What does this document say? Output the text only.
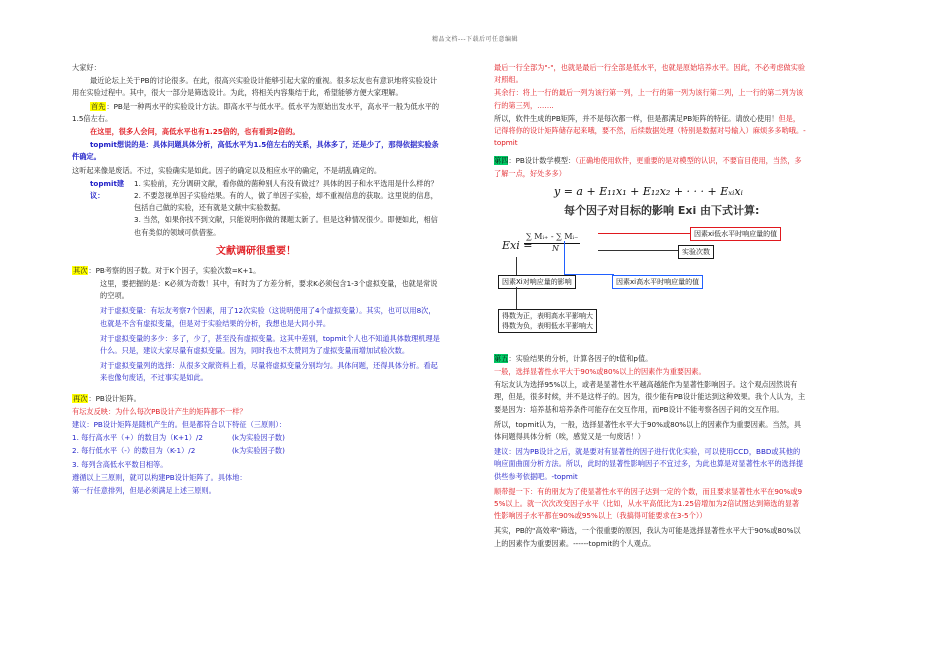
精品文档---下载后可任意编辑
大家好：
最近论坛上关于PB的讨论很多。在此，很高兴实验设计能够引起大家的重视。很多坛友也有意识地将实验设计用在实验过程中。其中，很大一部分是筛选设计。为此，将相关内容集结于此，希望能够方便大家理解。
首先：PB是一种两水平的实验设计方法。即高水平与低水平。低水平为原始出发水平，高水平一般为低水平的1.5倍左右。
在这里，很多人会问，高低水平也有1.25倍的，也有看到2倍的。
topmit想说的是：具体问题具体分析，高低水平为1.5倍左右的关系，具体多了，还是少了，那得依据实验条件确定。
这听起来像是废话。不过，实验确实是如此。因子的确定以及相应水平的确定，不是胡乱确定的。
topmit建议：
1. 实验前，充分调研文献，看你做的菌种别人有没有做过？具体的因子和水平选用是什么样的？
2. 不要忽视单因子实验结果。有的人，做了单因子实验，却不重视信息的获取。这里说的信息，包括自己做的实验，还有就是文献中实验数据。
3. 当然，如果你找不到文献，只能说明你做的课题太新了。但是这种情况很少。即便如此，相信也有类似的领域可供借鉴。
文献调研很重要！
其次：PB考察的因子数。对于K个因子，实验次数=K+1。
这里，要把握的是：K必须为奇数！其中，有时为了方差分析，要求K必须包含1-3个虚拟变量，也就是常说的空项。
对于虚拟变量：有坛友考察7个因素，用了12次实验（这说明使用了4个虚拟变量）。其实，也可以用8次，也就是不含有虚拟变量，但是对于实验结果的分析，我想也是大同小异。
对于虚拟变量的多少：多了，少了，甚至没有虚拟变量。这其中差别，topmit个人也不知道具体数理机理是什么。只是，建议大家尽量有虚拟变量。因为，同时我也不太赞同为了虚拟变量而增加试验次数。
对于虚拟变量列的选择：从很多文献资料上看，尽量将虚拟变量分别均匀。具体问题，还得具体分析。看起来也像句废话，不过事实是如此。
再次：PB设计矩阵。
有坛友反映：为什么每次PB设计产生的矩阵都不一样？
建议：PB设计矩阵是随机产生的。但是都符合以下特征（三原则）：
1. 每行高水平（+）的数目为（K+1）/2	(k为实验因子数)
2. 每行低水平（-）的数目为（K-1）/2	(k为实验因子数)
3. 每列含高低水平数目相等。
遵循以上三原则，就可以构建PB设计矩阵了。具体地：
第一行任意排列，但是必须满足上述三原则。
最后一行全部为"-"，也就是最后一行全部是低水平，也就是原始培养水平。因此，不必考虑做实验对照组。
其余行：将上一行的最后一列为该行第一列，上一行的第一列为该行第二列，上一行的第二列为该行的第三列，…….
所以，软件生成的PB矩阵，并不是每次都一样，但是都满足PB矩阵的特征。请放心使用！但是，记得将你的设计矩阵储存起来哦，要不然，后续数据处理（特别是数据对号输入）麻烦多多哟哦。-topmit
第四：PB设计数学模型：（正确地使用软件，更重要的是对模型的认识，不要盲目使用，当然，多了解一点，好处多多）
y = a + E₁₁x₁ + E₁₂x₂ + · · · + Eₓᵢxᵢ
每个因子对目标的影响 Exi 由下式计算:
Exi =
∑ Mᵢ₊ - ∑ Mᵢ₋
N
因素xi低水平时响应量的值
实验次数
因素Xi对响应量的影响	因素xi高水平时响应量的值
得数为正，表明高水平影响大
得数为负，表明低水平影响大
第五：实验结果的分析，计算各因子的t值和p值。
一般，选择显著性水平大于90%或80%以上的因素作为重要因素。
有坛友认为选择95%以上，或者是显著性水平越高越能作为显著性影响因子。这个观点因然说有理，但是，很多时候，并不是这样子的。因为，很少能有PB设计能达到这种效果。我个人认为，主要是因为：培养基和培养条件可能存在交互作用，而PB设计不能考察各因子间的交互作用。
所以，topmit认为，一般，选择显著性水平大于90%或80%以上的因素作为重要因素。当然，具体问题得具体分析（唉，感觉又是一句废话！）
建议：因为PB设计之后，就是要对有显著性的因子进行优化实验，可以使用CCD，BBD或其他的响应面曲面分析方法。所以，此时的显著性影响因子不宜过多，为此也算是对显著性水平的选择提供些参考依据吧。-topmit
顺带提一下：有的朋友为了使显著性水平的因子达到一定的个数，而且要求显著性水平在90%或95%以上。就一次次改变因子水平（比如，从水平高低比为1.25倍增加为2倍试图达到筛选的显著性影响因子水平都在90%或95%以上（我搞得可能要求在3-5个））
其实，PB的"高效率"筛选，一个很重要的原因，我认为可能是选择显著性水平大于90%或80%以上的因素作为重要因素。------topmit的个人观点。
